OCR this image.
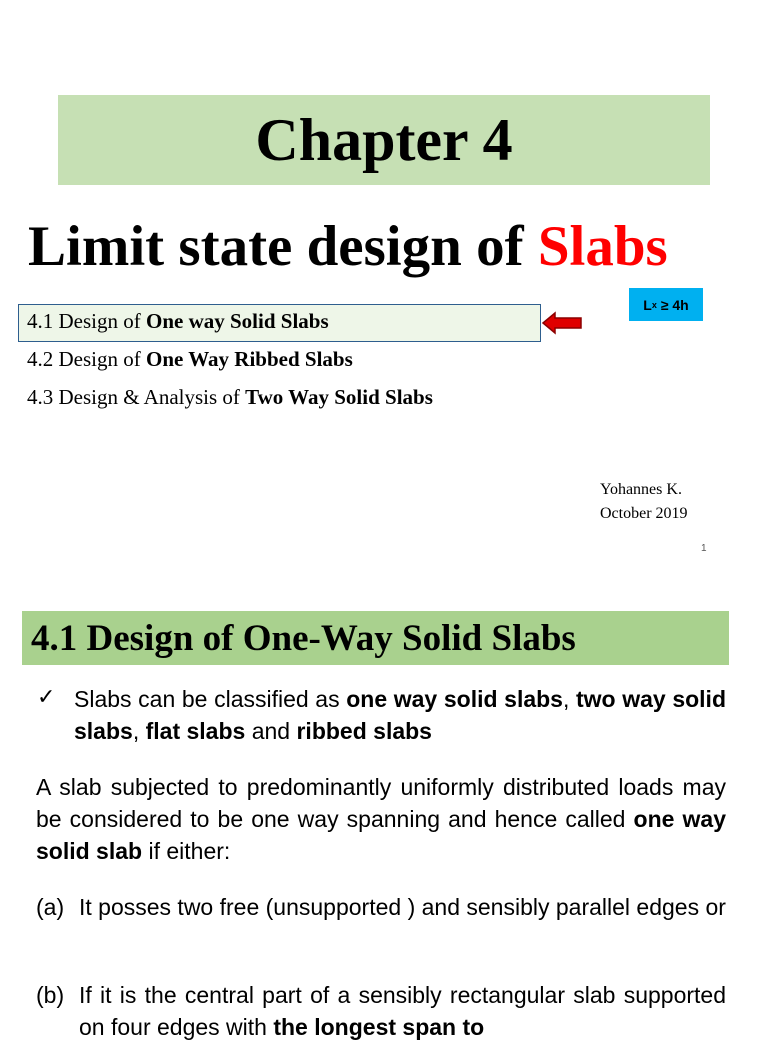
Chapter 4
Limit state design of Slabs
4.1 Design of One way Solid Slabs
4.2 Design of One Way Ribbed Slabs
4.3 Design & Analysis of Two Way Solid Slabs
L x
≥ 4h
Yohannes K.
October 2019
1
4.1 Design of One-Way Solid Slabs
✓ Slabs can be classified as one way solid slabs, two way solid slabs, flat slabs and ribbed slabs
A slab subjected to predominantly uniformly distributed loads may be considered to be one way spanning and hence called one way solid slab if either:
(a) It posses two free (unsupported ) and sensibly parallel edges or
(b) If it is the central part of a sensibly rectangular slab supported on four edges with the longest span to
